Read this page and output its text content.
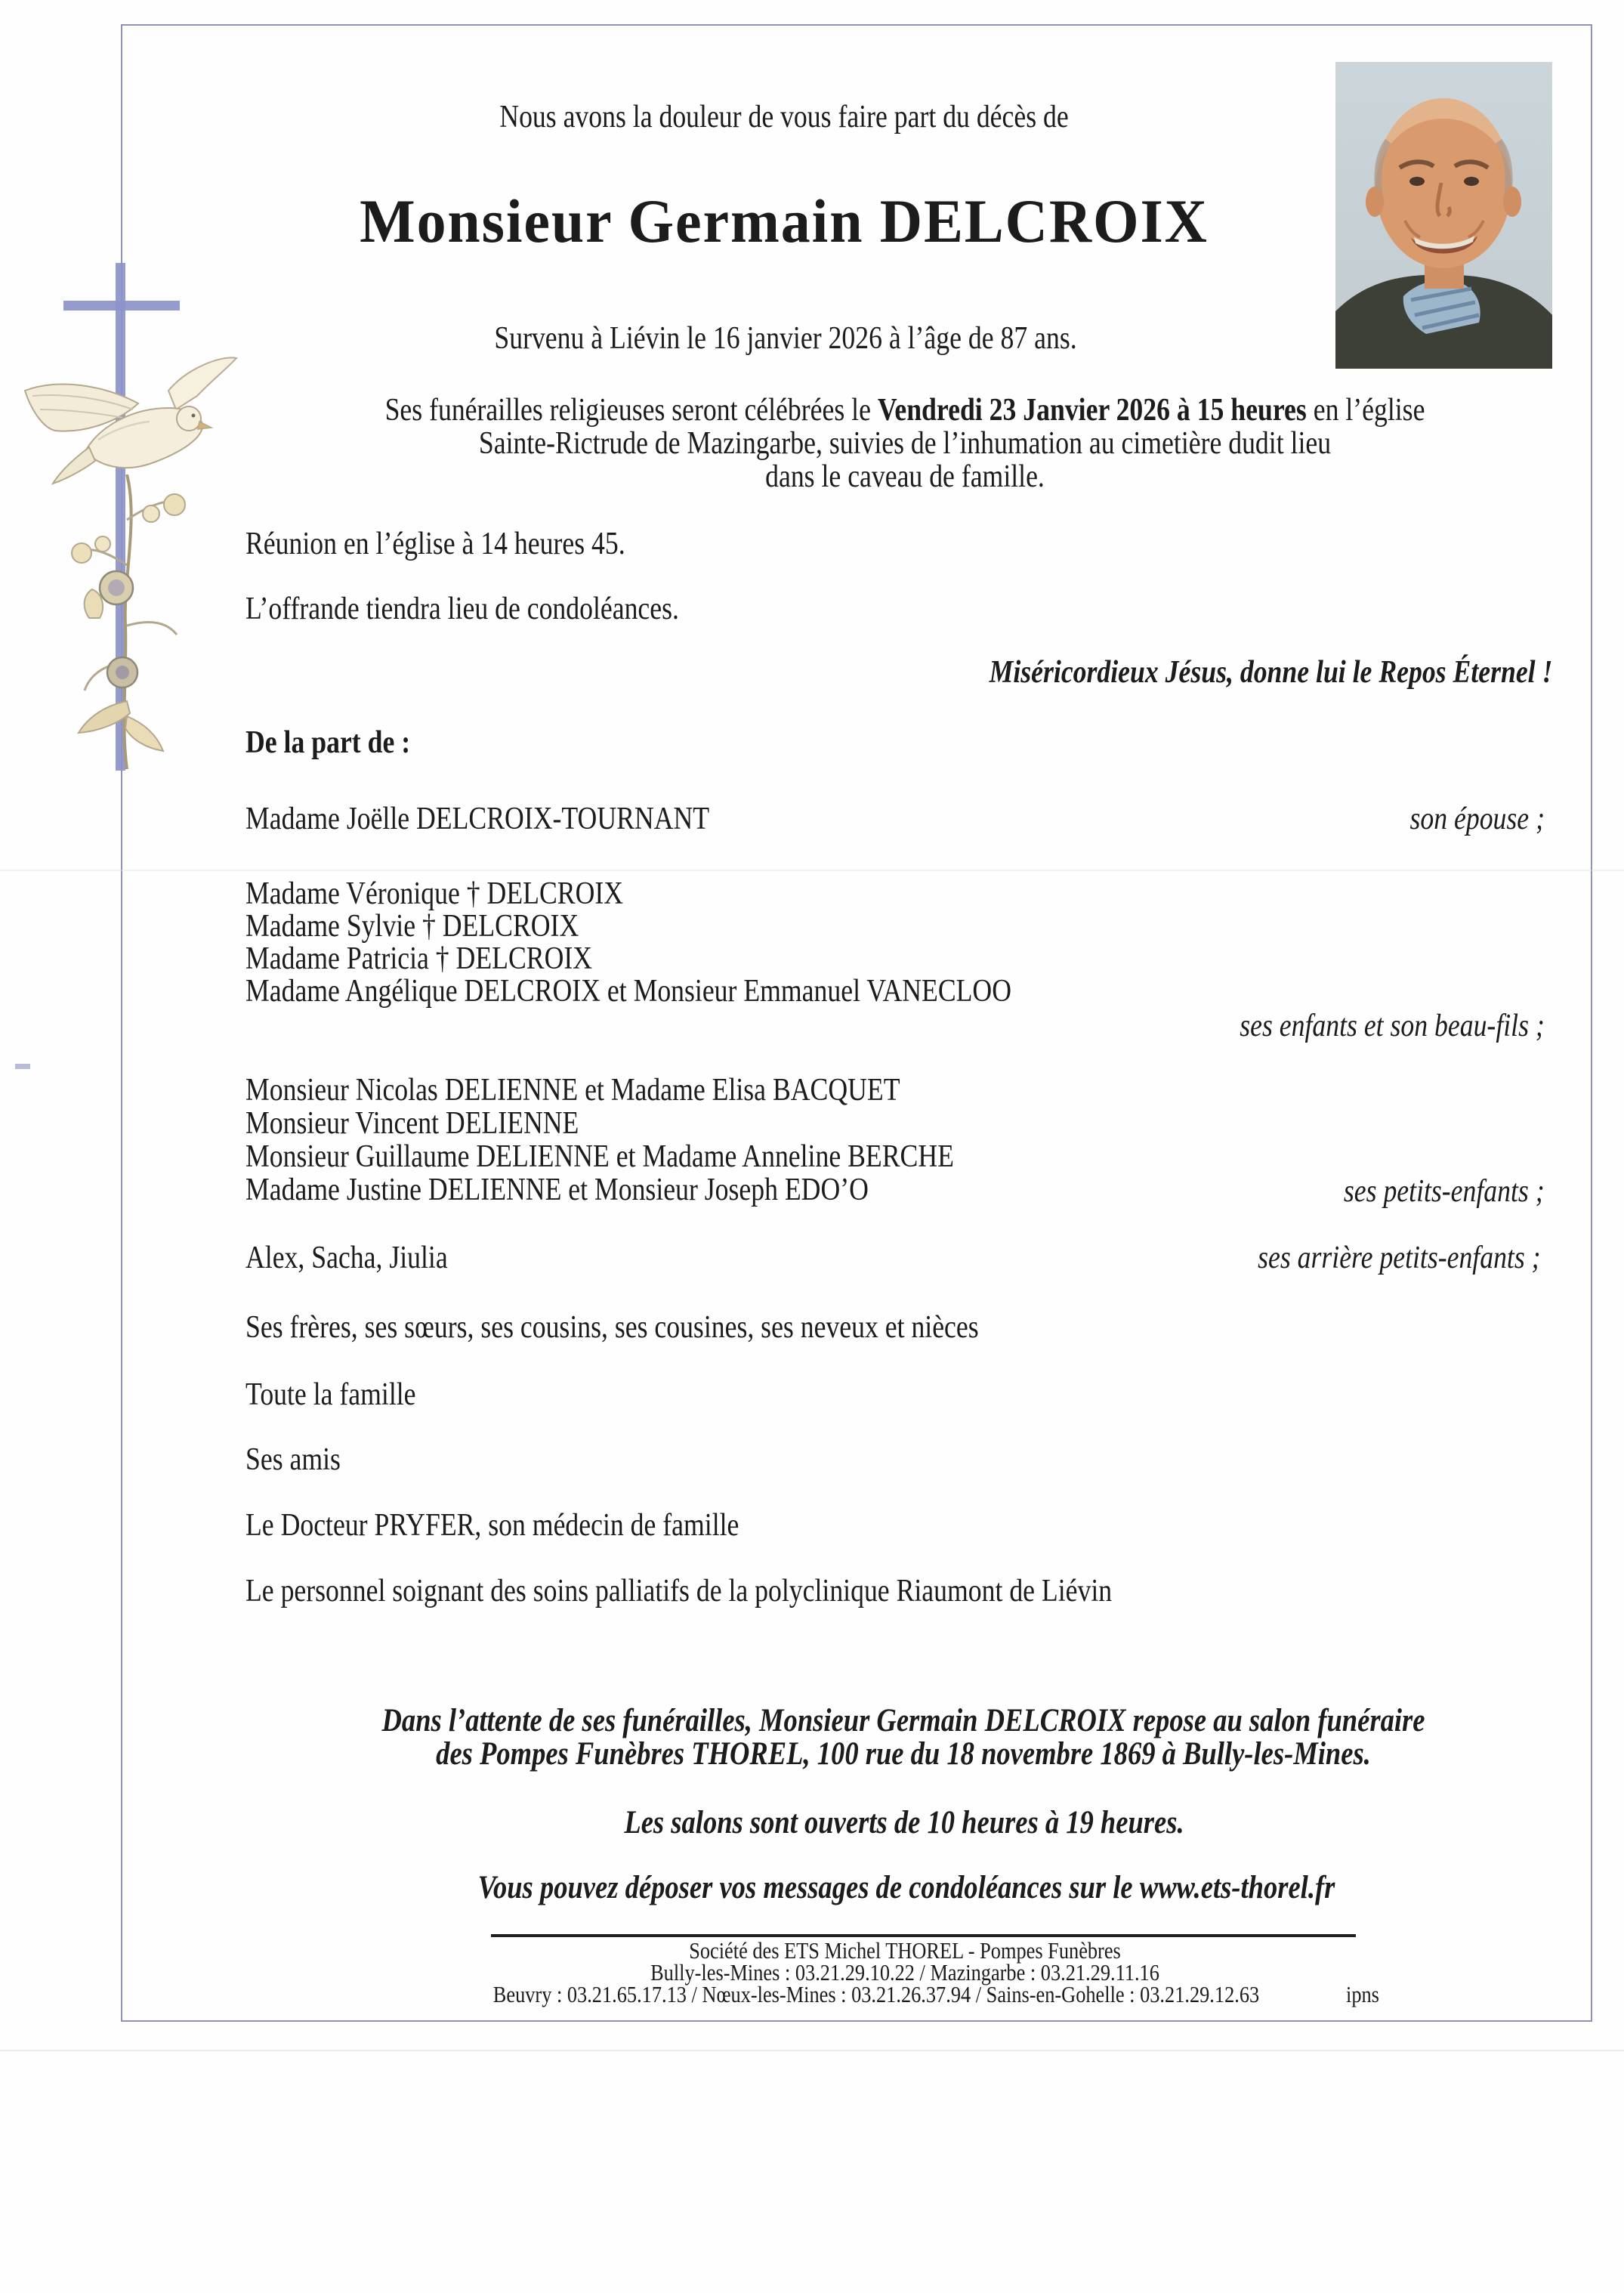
Nous avons la douleur de vous faire part du décès de
Monsieur Germain DELCROIX
Survenu à Liévin le 16 janvier 2026 à l’âge de 87 ans.
Ses funérailles religieuses seront célébrées le Vendredi 23 Janvier 2026 à 15 heures en l’église
Sainte-Rictrude de Mazingarbe, suivies de l’inhumation au cimetière dudit lieu
dans le caveau de famille.
Réunion en l’église à 14 heures 45.
L’offrande tiendra lieu de condoléances.
Miséricordieux Jésus, donne lui le Repos Éternel !
De la part de :
Madame Joëlle DELCROIX-TOURNANT	son épouse ;
Madame Véronique † DELCROIX
Madame Sylvie † DELCROIX
Madame Patricia † DELCROIX
Madame Angélique DELCROIX et Monsieur Emmanuel VANECLOO
ses enfants et son beau-fils ;
Monsieur Nicolas DELIENNE et Madame Elisa BACQUET
Monsieur Vincent DELIENNE
Monsieur Guillaume DELIENNE et Madame Anneline BERCHE
Madame Justine DELIENNE et Monsieur Joseph EDO’O	ses petits-enfants ;
Alex, Sacha, Jiulia	ses arrière petits-enfants ;
Ses frères, ses sœurs, ses cousins, ses cousines, ses neveux et nièces
Toute la famille
Ses amis
Le Docteur PRYFER, son médecin de famille
Le personnel soignant des soins palliatifs de la polyclinique Riaumont de Liévin
Dans l’attente de ses funérailles, Monsieur Germain DELCROIX repose au salon funéraire
des Pompes Funèbres THOREL, 100 rue du 18 novembre 1869 à Bully-les-Mines.
Les salons sont ouverts de 10 heures à 19 heures.
Vous pouvez déposer vos messages de condoléances sur le www.ets-thorel.fr
Société des ETS Michel THOREL - Pompes Funèbres
Bully-les-Mines : 03.21.29.10.22 / Mazingarbe : 03.21.29.11.16
Beuvry : 03.21.65.17.13 / Nœux-les-Mines : 03.21.26.37.94 / Sains-en-Gohelle : 03.21.29.12.63	ipns
